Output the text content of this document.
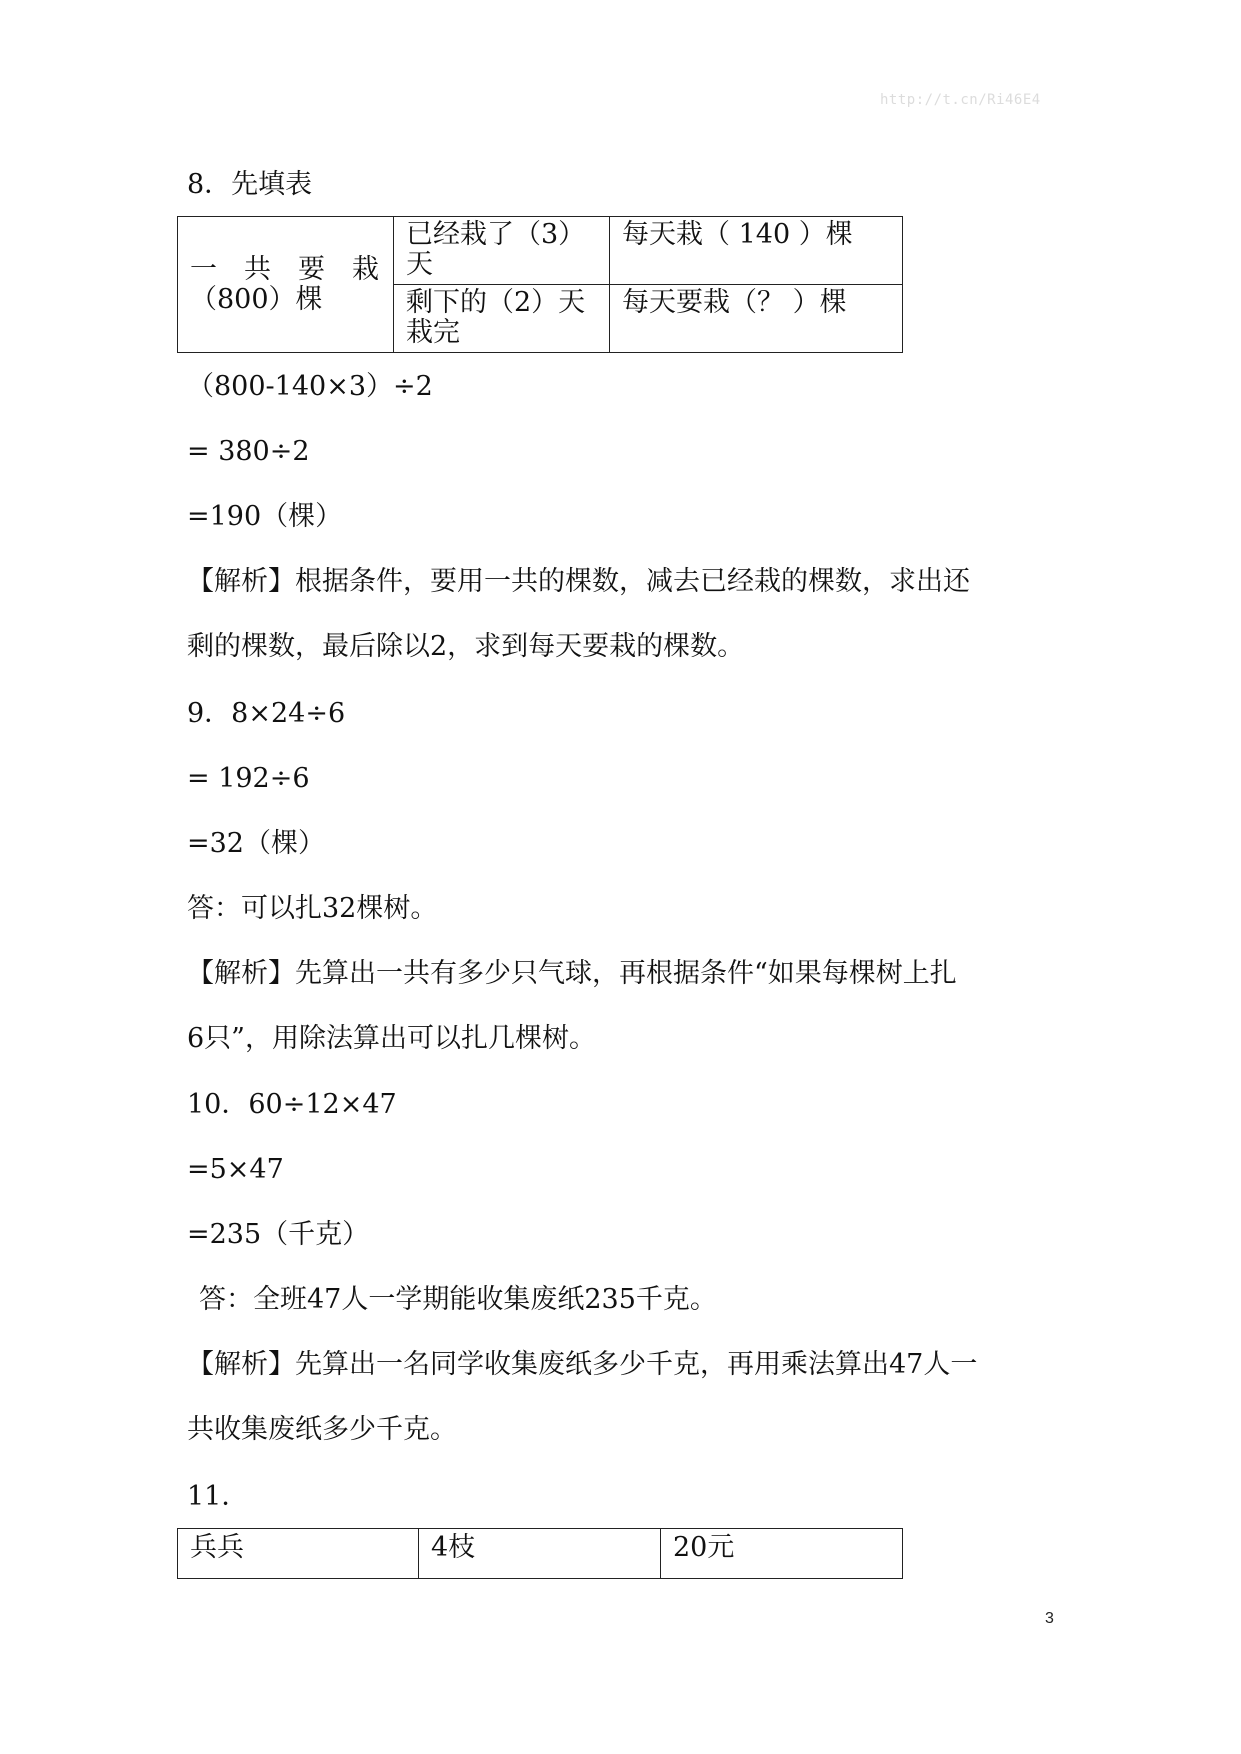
http://t.cn/Ri46E4
8．先填表
一　共　要　栽（800）棵	已经栽了（3）天	每天栽（ 140 ）棵
	剩下的（2）天栽完	每天要栽（？ ）棵
（800-140×3）÷2
= 380÷2
=190（棵）
【解析】根据条件，要用一共的棵数，减去已经栽的棵数，求出还
剩的棵数，最后除以2，求到每天要栽的棵数。
9．8×24÷6
= 192÷6
=32（棵）
答：可以扎32棵树。
【解析】先算出一共有多少只气球，再根据条件“如果每棵树上扎
6只”，用除法算出可以扎几棵树。
10．60÷12×47
=5×47
=235（千克）
答：全班47人一学期能收集废纸235千克。
【解析】先算出一名同学收集废纸多少千克，再用乘法算出47人一
共收集废纸多少千克。
11．
兵兵	4枝	20元
3
